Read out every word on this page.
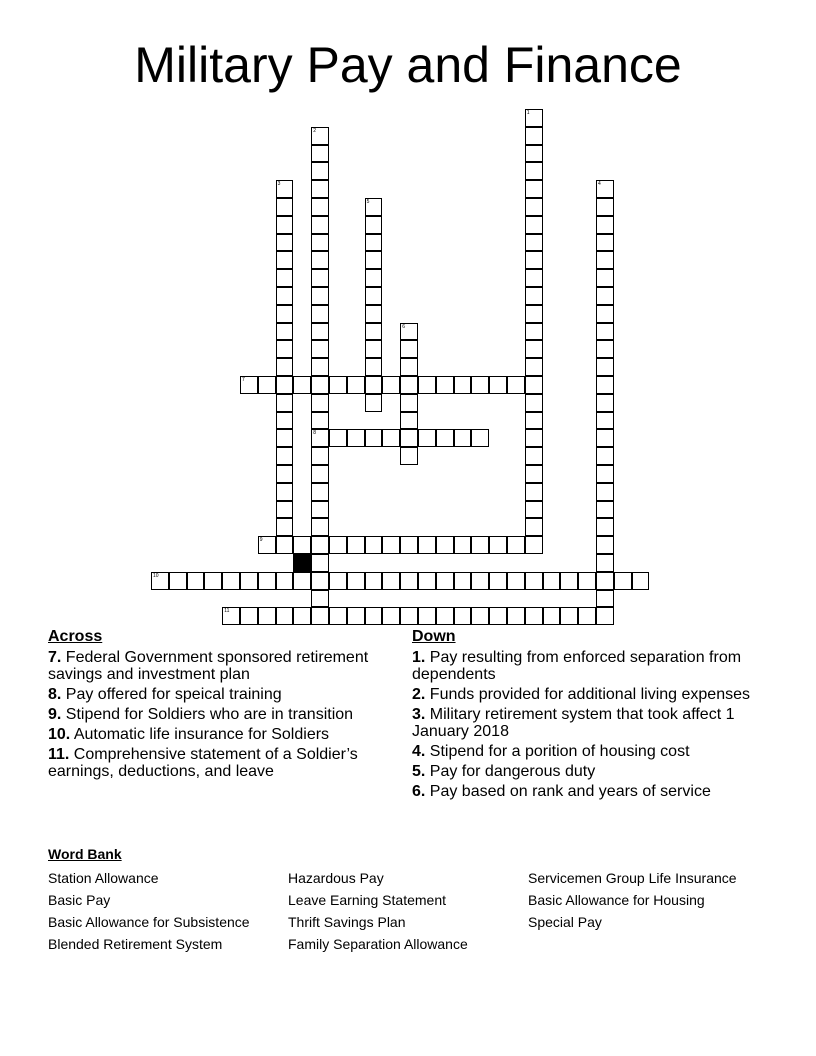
Military Pay and Finance
1
2
8
3	4
5
6
7
9
10
11
Across
7. Federal Government sponsored retirement savings and investment plan
8. Pay offered for speical training
9. Stipend for Soldiers who are in transition
10. Automatic life insurance for Soldiers
11. Comprehensive statement of a Soldier’s earnings, deductions, and leave
Down
1. Pay resulting from enforced separation from dependents
2. Funds provided for additional living expenses
3. Military retirement system that took affect 1 January 2018
4. Stipend for a porition of housing cost
5. Pay for dangerous duty
6. Pay based on rank and years of service
Word Bank
Station Allowance
Basic Pay
Basic Allowance for Subsistence
Blended Retirement System
Hazardous Pay
Leave Earning Statement
Thrift Savings Plan
Family Separation Allowance
Servicemen Group Life Insurance
Basic Allowance for Housing
Special Pay
